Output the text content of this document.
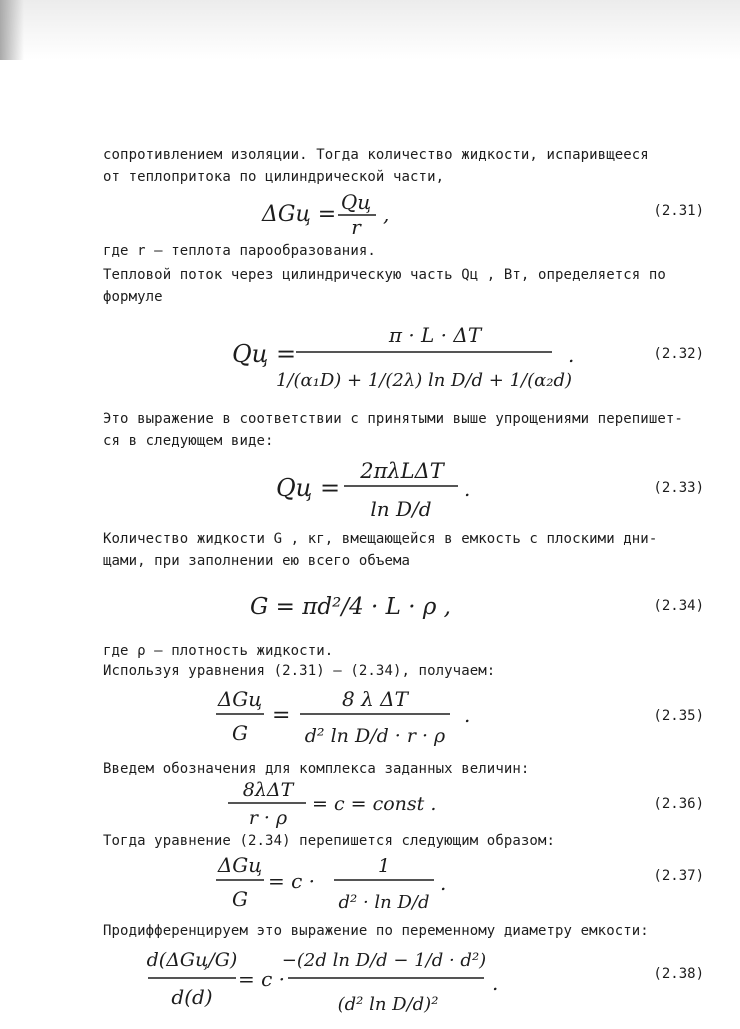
сопротивлением изоляции. Тогда количество жидкости, испаривщееся
от теплопритока по цилиндрической части,
ΔGц = Qц
r
,	(2.31)
где r – теплота парообразования.
Тепловой поток через цилиндрическую часть Qц , Вт, определяется по
формуле
Qц =
π · L · ΔT
1/(α₁D) + 1/(2λ) ln D/d + 1/(α₂d)
.	(2.32)
Это выражение в соответствии с принятыми выше упрощениями перепишет-
ся в следующем виде:
Qц =
2πλLΔT
ln D/d
.	(2.33)
Количество жидкости G , кг, вмещающейся в емкость с плоскими дни-
щами, при заполнении ею всего объема
G = πd²/4 · L · ρ ,	(2.34)
где ρ – плотность жидкости.
Используя уравнения (2.31) – (2.34), получаем:
ΔGц
G
=
8 λ ΔT
d² ln D/d · r · ρ
.	(2.35)
Введем обозначения для комплекса заданных величин:
8λΔT
r · ρ
= c = const .	(2.36)
Тогда уравнение (2.34) перепишется следующим образом:
ΔGц
G
= c ·
1
d² · ln D/d
.	(2.37)
Продифференцируем это выражение по переменному диаметру емкости:
d(ΔGц/G)
d(d)
= c ·
−(2d ln D/d − 1/d · d²)
(d² ln D/d)²
.	(2.38)
